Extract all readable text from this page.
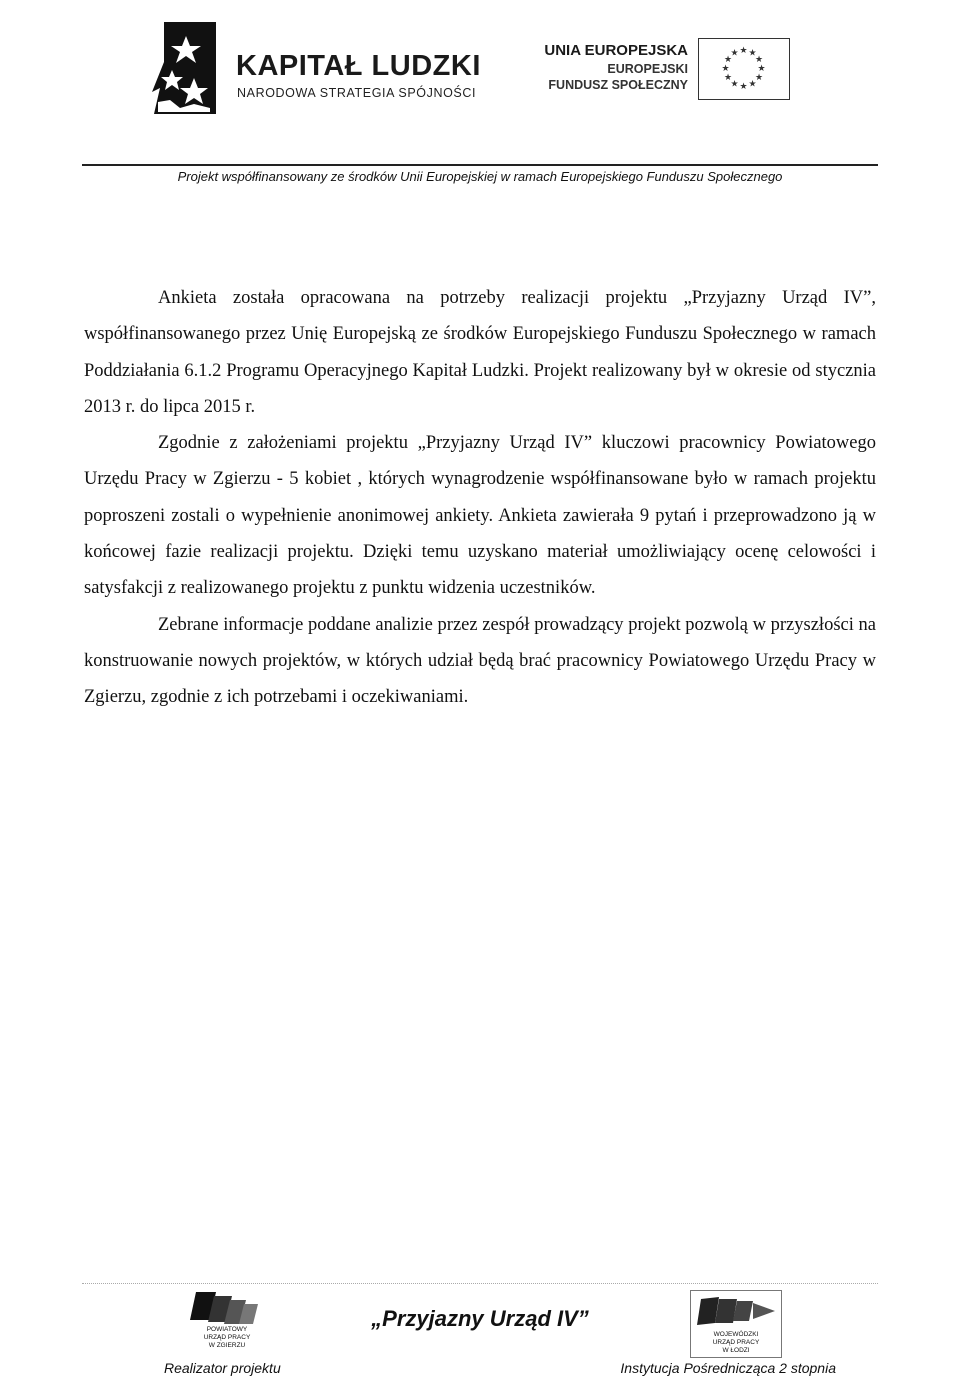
KAPITAŁ LUDZKI
NARODOWA STRATEGIA SPÓJNOŚCI
UNIA EUROPEJSKA
EUROPEJSKI
FUNDUSZ SPOŁECZNY
★ ★
★
★
★
★
★
★
★
★
★
★
Projekt współfinansowany ze środków Unii Europejskiej w ramach Europejskiego Funduszu Społecznego

Ankieta została opracowana na potrzeby realizacji projektu „Przyjazny Urząd IV”, współfinansowanego przez Unię Europejską ze środków Europejskiego Funduszu Społecznego w ramach Poddziałania 6.1.2 Programu Operacyjnego Kapitał Ludzki. Projekt realizowany był w okresie od stycznia 2013 r. do lipca 2015 r.

Zgodnie z założeniami projektu „Przyjazny Urząd IV” kluczowi pracownicy Powiatowego Urzędu Pracy w Zgierzu - 5 kobiet , których wynagrodzenie współfinansowane było w ramach projektu poproszeni zostali o wypełnienie anonimowej ankiety. Ankieta zawierała 9 pytań i przeprowadzono ją w końcowej fazie realizacji projektu. Dzięki temu uzyskano materiał umożliwiający ocenę celowości i satysfakcji z realizowanego projektu z punktu widzenia uczestników.

Zebrane informacje poddane analizie przez zespół prowadzący projekt pozwolą w przyszłości na konstruowanie nowych projektów, w których udział będą brać pracownicy Powiatowego Urzędu Pracy w Zgierzu, zgodnie z ich potrzebami i oczekiwaniami.

POWIATOWY
URZĄD PRACY
W ZGIERZU
„Przyjazny Urząd IV”
WOJEWÓDZKI
URZĄD PRACY
W ŁODZI
Realizator projektu	Instytucja Pośrednicząca 2 stopnia
